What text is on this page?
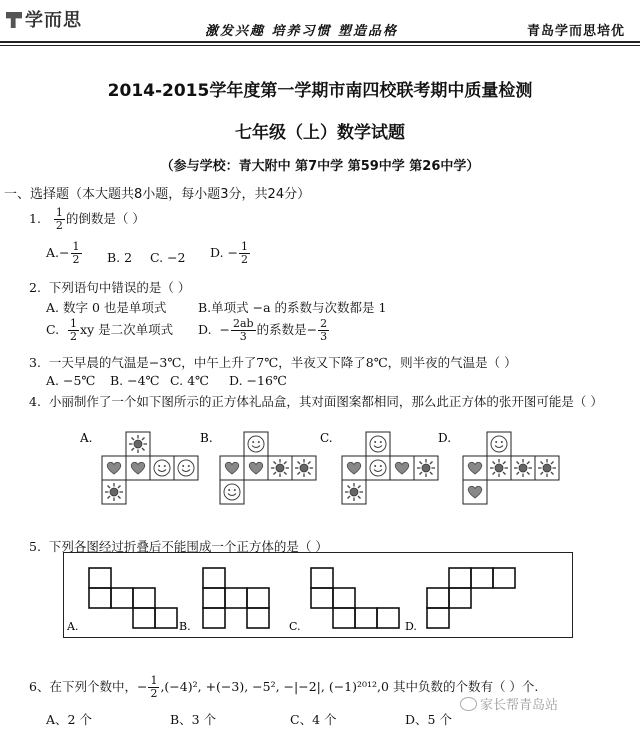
学而思
激发兴趣 培养习惯 塑造品格	青岛学而思培优
2014-2015学年度第一学期市南四校联考期中质量检测
七年级（上）数学试题
（参与学校：青大附中 第7中学 第59中学 第26中学）
一、选择题（本大题共8小题，每小题3分，共24分）
1. $\frac{1}{2}$ 的倒数是（ ）
$A.- \frac{1}{2} B$. 2 C. −2 D. − $\frac{1}{2}$
2. 下列语句中错误的是（ ）
A. 数字 0 也是单项式	B.单项式 −a 的系数与次数都是 1
C. $\frac{1}{2}$ xy 是二次单项式 D. − $\frac{2ab}{3}$ 的系数是− $\frac{2}{3}$
3. 一天早晨的气温是−3℃，中午上升了7℃，半夜又下降了8℃，则半夜的气温是（ ）
A. −5℃ B. −4℃ C. 4℃ D. −16℃
4. 小丽制作了一个如下图所示的正方体礼品盒，其对面图案都相同，那么此正方体的张开图可能是（ ）
A.	B.	C.	D.
5. 下列各图经过折叠后不能围成一个正方体的是（ ）
A.	B.	C.	D.
6、在下列个数中，− $\frac{1}{2} ,(-4)^2$, +(−3), −5², −|−2|, (−1)²⁰¹²,0 其中负数的个数有（ ）个.
A、2 个	B、3 个	C、4 个	D、5 个
家长帮青岛站
